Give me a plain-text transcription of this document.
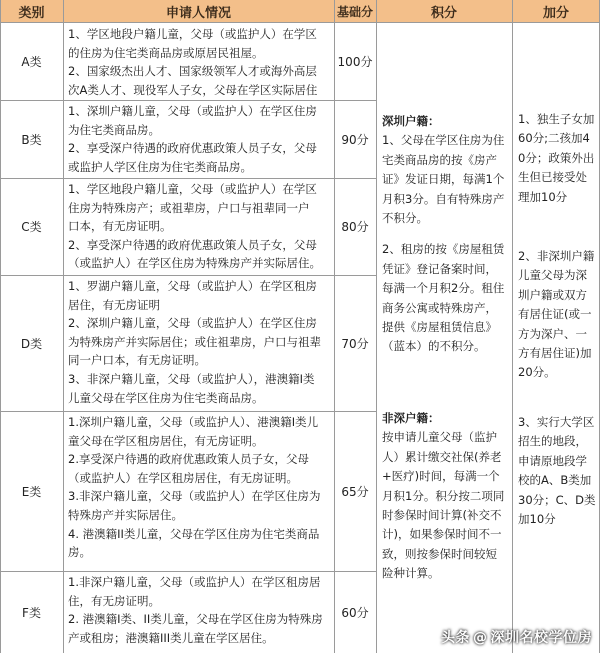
类别	申请人情况	基础分	积分	加分
A类
1、学区地段户籍儿童，父母（或监护人）在学区
的住房为住宅类商品房或原居民祖屋。
2、国家级杰出人才、国家级领军人才或海外高层
次A类人才、现役军人子女，父母在学区实际居住
100分
B类
1、深圳户籍儿童，父母（或监护人）在学区住房
为住宅类商品房。
2、享受深户待遇的政府优惠政策人员子女，父母
或监护人学区住房为住宅类商品房。
90分
C类
1、学区地段户籍儿童，父母（或监护人）在学区
住房为特殊房产；或祖辈房，户口与祖辈同一户
口本，有无房证明。
2、享受深户待遇的政府优惠政策人员子女，父母
（或监护人）在学区住房为特殊房产并实际居住。
80分
D类
1、罗湖户籍儿童，父母（或监护人）在学区租房
居住，有无房证明
2、深圳户籍儿童，父母（或监护人）在学区住房
为特殊房产并实际居住；或住祖辈房，户口与祖辈
同一户口本，有无房证明。
3、非深户籍儿童，父母（或监护人），港澳籍I类
儿童父母在学区住房为住宅类商品房。
70分
E类
1.深圳户籍儿童，父母（或监护人）、港澳籍I类儿
童父母在学区租房居住，有无房证明。
2.享受深户待遇的政府优惠政策人员子女，父母
（或监护人）在学区租房居住，有无房证明。
3.非深户籍儿童，父母（或监护人）在学区住房为
特殊房产并实际居住。
4. 港澳籍II类儿童，父母在学区住房为住宅类商品
房。
65分
F类
1.非深户籍儿童，父母（或监护人）在学区租房居
住，有无房证明。
2. 港澳籍I类、II类儿童，父母在学区住房为特殊房
产或租房；港澳籍III类儿童在学区居住。
60分
深圳户籍：
1、父母在学区住房为住宅类商品房的按《房产证》发证日期，每满1个月积3分。自有特殊房产不积分。
2、租房的按《房屋租赁凭证》登记备案时间，每满一个月积2分。租住商务公寓或特殊房产，提供《房屋租赁信息》（蓝本）的不积分。
非深户籍：
按申请儿童父母（监护人）累计缴交社保(养老+医疗)时间，每满一个月积1分。积分按二项同时参保时间计算(补交不计)，如果参保时间不一致，则按参保时间较短险种计算。
1、独生子女加60分;二孩加40分；政策外出生但已接受处理加10分
2、非深圳户籍儿童父母为深圳户籍或双方有居住证(或一方为深户、一方有居住证)加20分。
3、实行大学区招生的地段，申请原地段学校的A、B类加30分；C、D类加10分
头条 @ 深圳名校学位房
